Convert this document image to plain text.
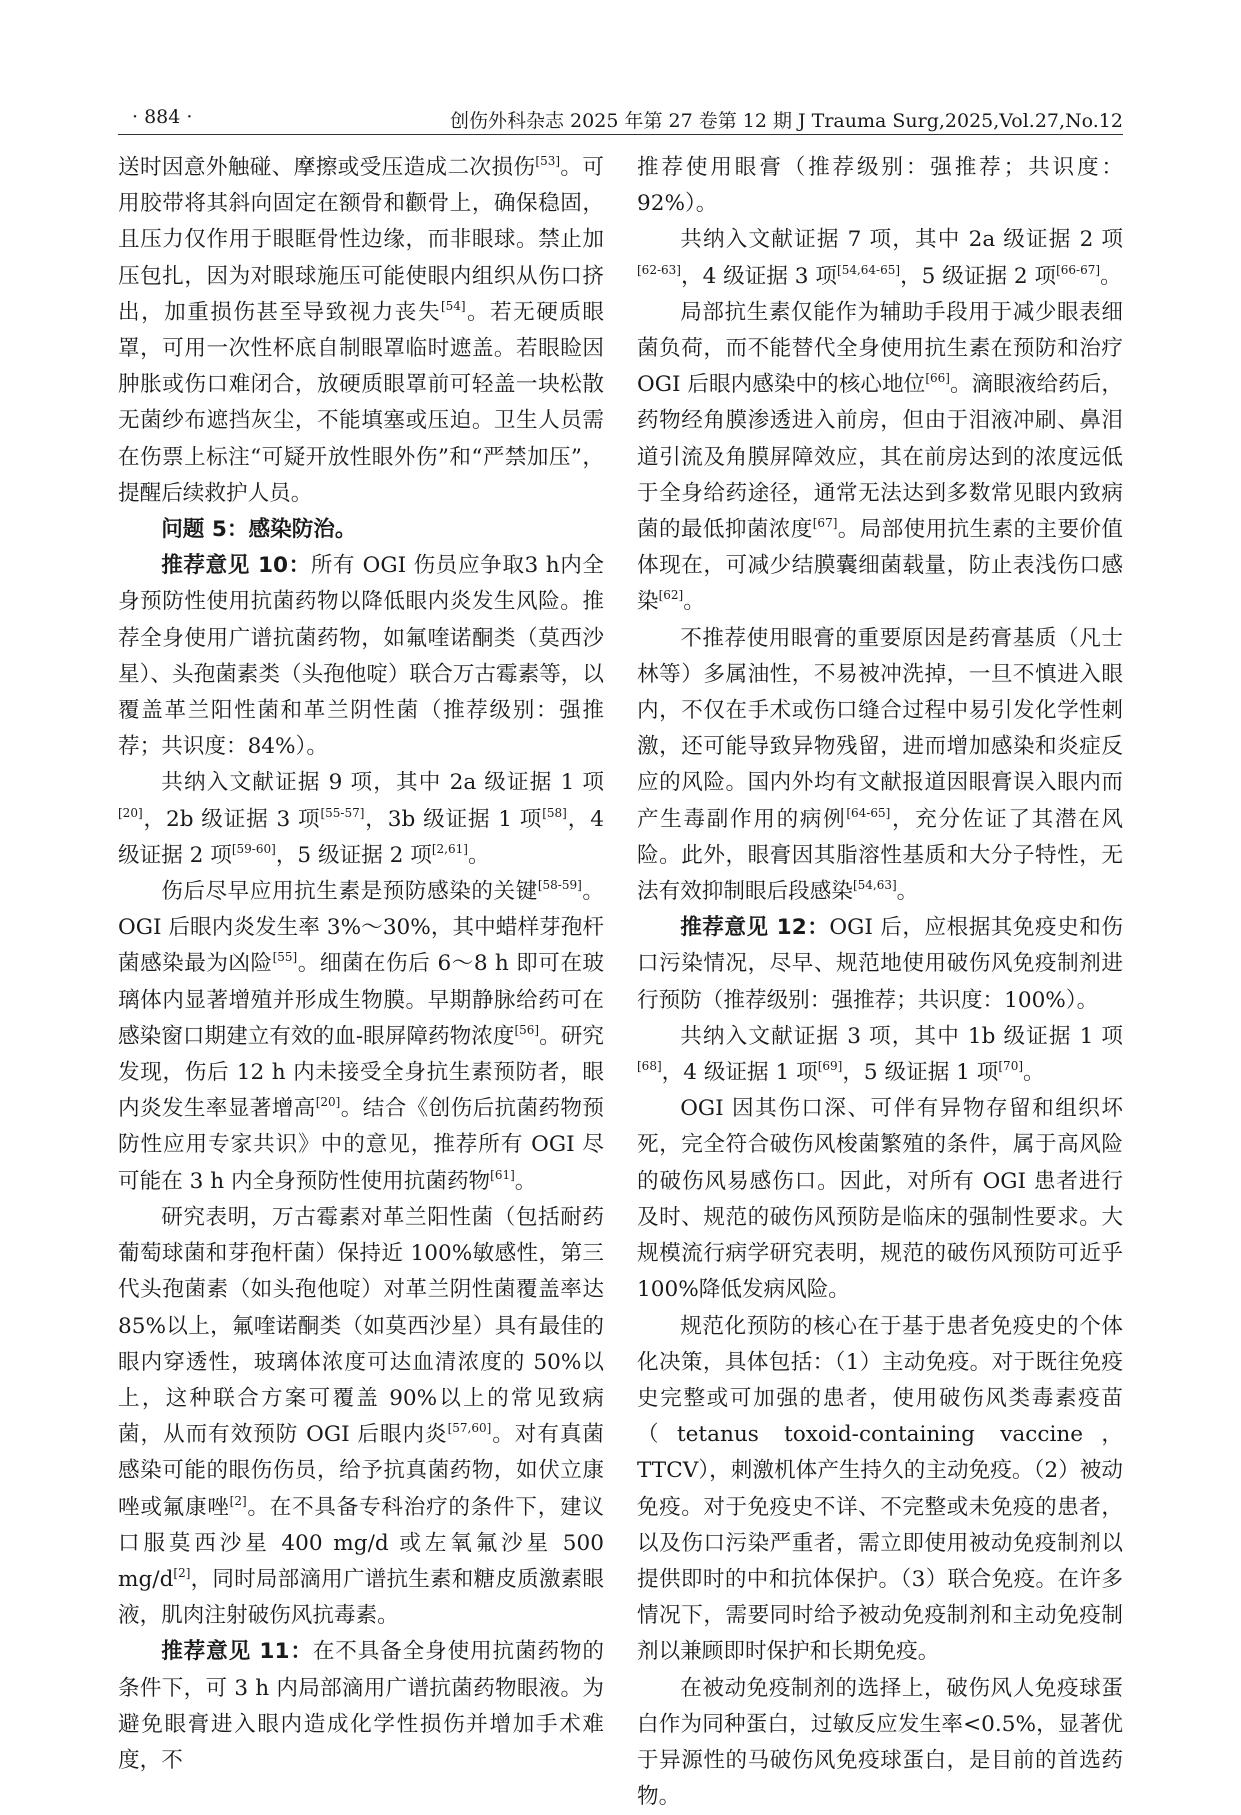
· 884 ·	创伤外科杂志 2025 年第 27 卷第 12 期 J Trauma Surg,2025,Vol.27,No.12

送时因意外触碰、摩擦或受压造成二次损伤[53]。可用胶带将其斜向固定在额骨和颧骨上，确保稳固，且压力仅作用于眼眶骨性边缘，而非眼球。禁止加压包扎，因为对眼球施压可能使眼内组织从伤口挤出，加重损伤甚至导致视力丧失[54]。若无硬质眼罩，可用一次性杯底自制眼罩临时遮盖。若眼睑因肿胀或伤口难闭合，放硬质眼罩前可轻盖一块松散无菌纱布遮挡灰尘，不能填塞或压迫。卫生人员需在伤票上标注“可疑开放性眼外伤”和“严禁加压”，提醒后续救护人员。

问题 5：感染防治。

推荐意见 10：所有 OGI 伤员应争取3 h内全身预防性使用抗菌药物以降低眼内炎发生风险。推荐全身使用广谱抗菌药物，如氟喹诺酮类（莫西沙星）、头孢菌素类（头孢他啶）联合万古霉素等，以覆盖革兰阳性菌和革兰阴性菌（推荐级别：强推荐；共识度：84%）。

共纳入文献证据 9 项，其中 2a 级证据 1 项[20]，2b 级证据 3 项[55-57]，3b 级证据 1 项[58]，4 级证据 2 项[59-60]，5 级证据 2 项[2,61]。

伤后尽早应用抗生素是预防感染的关键[58-59]。OGI 后眼内炎发生率 3%～30%，其中蜡样芽孢杆菌感染最为凶险[55]。细菌在伤后 6～8 h 即可在玻璃体内显著增殖并形成生物膜。早期静脉给药可在感染窗口期建立有效的血-眼屏障药物浓度[56]。研究发现，伤后 12 h 内未接受全身抗生素预防者，眼内炎发生率显著增高[20]。结合《创伤后抗菌药物预防性应用专家共识》中的意见，推荐所有 OGI 尽可能在 3 h 内全身预防性使用抗菌药物[61]。

研究表明，万古霉素对革兰阳性菌（包括耐药葡萄球菌和芽孢杆菌）保持近 100%敏感性，第三代头孢菌素（如头孢他啶）对革兰阴性菌覆盖率达85%以上，氟喹诺酮类（如莫西沙星）具有最佳的眼内穿透性，玻璃体浓度可达血清浓度的 50%以上，这种联合方案可覆盖 90%以上的常见致病菌，从而有效预防 OGI 后眼内炎[57,60]。对有真菌感染可能的眼伤伤员，给予抗真菌药物，如伏立康唑或氟康唑[2]。在不具备专科治疗的条件下，建议口服莫西沙星 400 mg/d 或左氧氟沙星 500 mg/d[2]，同时局部滴用广谱抗生素和糖皮质激素眼液，肌肉注射破伤风抗毒素。

推荐意见 11：在不具备全身使用抗菌药物的条件下，可 3 h 内局部滴用广谱抗菌药物眼液。为避免眼膏进入眼内造成化学性损伤并增加手术难度，不

推荐使用眼膏（推荐级别：强推荐；共识度：92%）。

共纳入文献证据 7 项，其中 2a 级证据 2 项[62-63]，4 级证据 3 项[54,64-65]，5 级证据 2 项[66-67]。

局部抗生素仅能作为辅助手段用于减少眼表细菌负荷，而不能替代全身使用抗生素在预防和治疗 OGI 后眼内感染中的核心地位[66]。滴眼液给药后，药物经角膜渗透进入前房，但由于泪液冲刷、鼻泪道引流及角膜屏障效应，其在前房达到的浓度远低于全身给药途径，通常无法达到多数常见眼内致病菌的最低抑菌浓度[67]。局部使用抗生素的主要价值体现在，可减少结膜囊细菌载量，防止表浅伤口感染[62]。

不推荐使用眼膏的重要原因是药膏基质（凡士林等）多属油性，不易被冲洗掉，一旦不慎进入眼内，不仅在手术或伤口缝合过程中易引发化学性刺激，还可能导致异物残留，进而增加感染和炎症反应的风险。国内外均有文献报道因眼膏误入眼内而产生毒副作用的病例[64-65]，充分佐证了其潜在风险。此外，眼膏因其脂溶性基质和大分子特性，无法有效抑制眼后段感染[54,63]。

推荐意见 12：OGI 后，应根据其免疫史和伤口污染情况，尽早、规范地使用破伤风免疫制剂进行预防（推荐级别：强推荐；共识度：100%）。

共纳入文献证据 3 项，其中 1b 级证据 1 项[68]，4 级证据 1 项[69]，5 级证据 1 项[70]。

OGI 因其伤口深、可伴有异物存留和组织坏死，完全符合破伤风梭菌繁殖的条件，属于高风险的破伤风易感伤口。因此，对所有 OGI 患者进行及时、规范的破伤风预防是临床的强制性要求。大规模流行病学研究表明，规范的破伤风预防可近乎 100%降低发病风险。

规范化预防的核心在于基于患者免疫史的个体化决策，具体包括：（1）主动免疫。对于既往免疫史完整或可加强的患者，使用破伤风类毒素疫苗（tetanus toxoid-containing vaccine，TTCV），刺激机体产生持久的主动免疫。（2）被动免疫。对于免疫史不详、不完整或未免疫的患者，以及伤口污染严重者，需立即使用被动免疫制剂以提供即时的中和抗体保护。（3）联合免疫。在许多情况下，需要同时给予被动免疫制剂和主动免疫制剂以兼顾即时保护和长期免疫。

在被动免疫制剂的选择上，破伤风人免疫球蛋白作为同种蛋白，过敏反应发生率<0.5%，显著优于异源性的马破伤风免疫球蛋白，是目前的首选药物。
